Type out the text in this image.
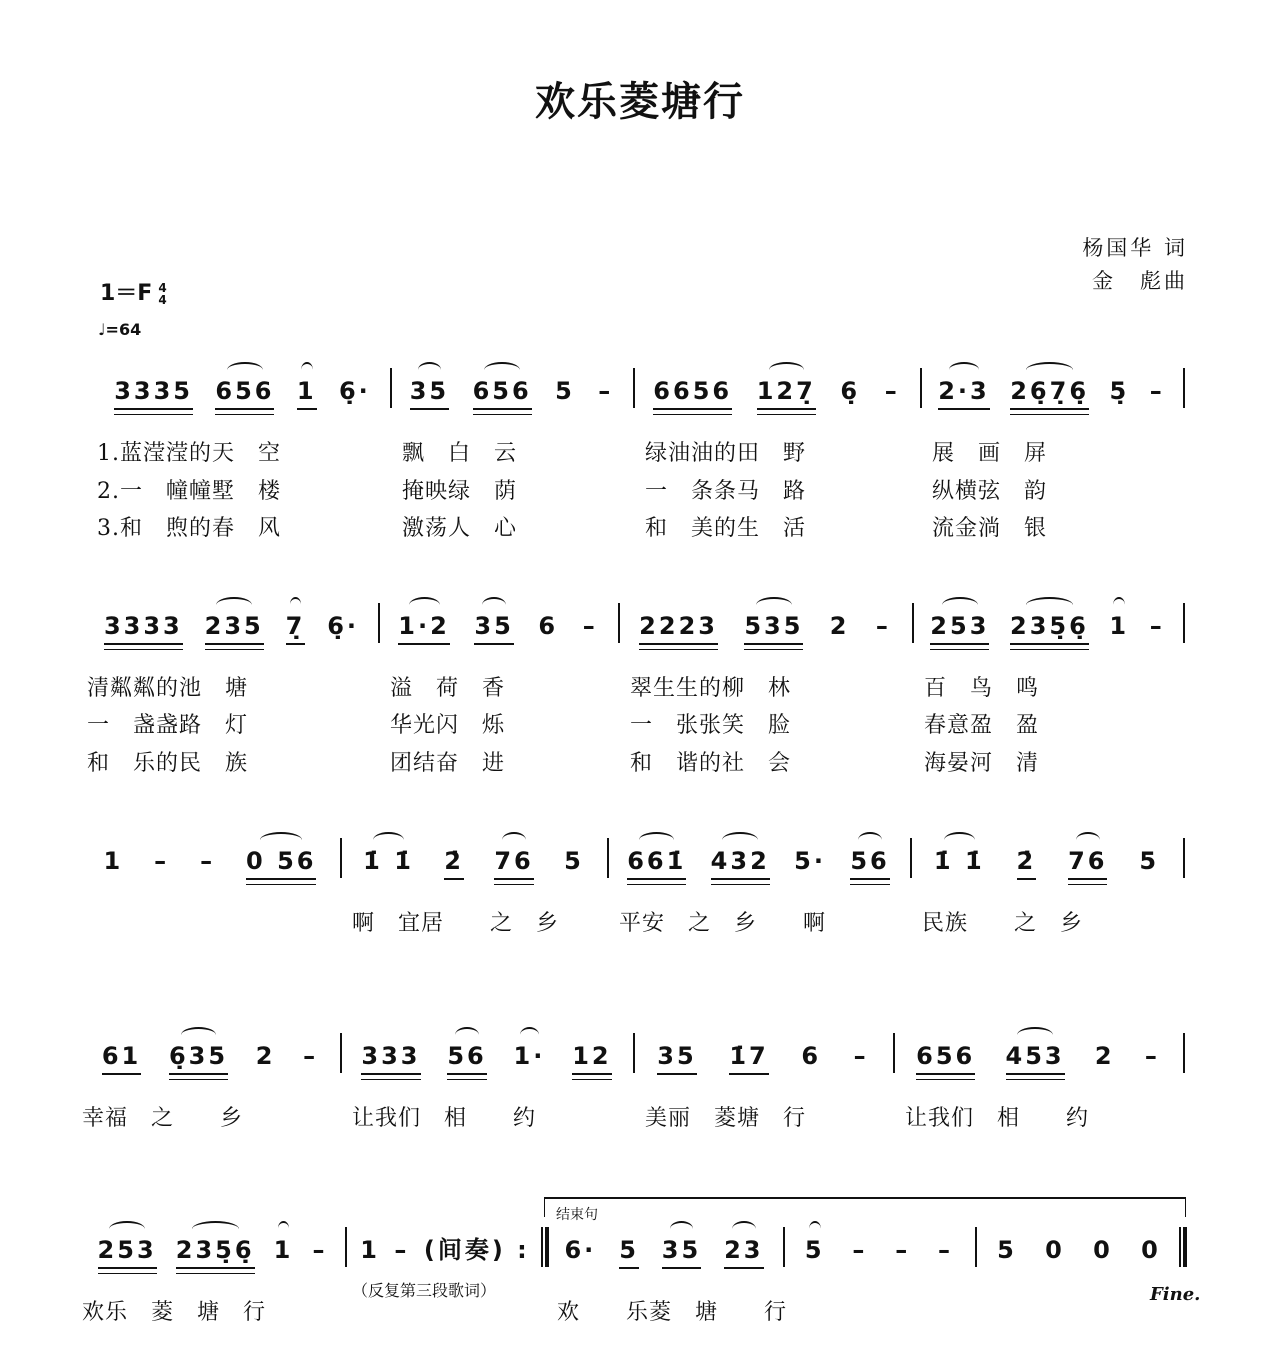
欢乐菱塘行
杨国华 词
金　彪曲
1＝F 4
4
♩=64
3335 656 1 6̣·
1.蓝滢滢的天　空
2.一　幢幢墅　楼
3.和　煦的春　风
35 656 5 –
飘　白　云
掩映绿　荫
激荡人　心
6656 127̣ 6̣ –
绿油油的田　野
一　条条马　路
和　美的生　活
2·3 26̣7̣6̣ 5̣ –
展　画　屏
纵横弦　韵
流金淌　银
3333 235 7̣ 6̣·
清粼粼的池　塘
一　盏盏路　灯
和　乐的民　族
1·2 35 6 –
溢　荷　香
华光闪　烁
团结奋　进
2223 535 2 –
翠生生的柳　林
一　张张笑　脸
和　谐的社　会
253 235̣6̣ 1 –
百　鸟　鸣
春意盈　盈
海晏河　清
1 – – 0 56 1̇ 1̇ 2̇ 76 5
啊　宜居　　之　乡
661̇ 432 5· 56
平安　之　乡　　啊
1̇ 1̇ 2̇ 76 5
民族　　之　乡
61 6̣35 2 –
幸福　之　　乡
333 56 1· 12
让我们　相　　约
35 1̇7 6 –
美丽　菱塘　行
656 453 2 –
让我们　相　　约
253 235̣6̣ 1 –
欢乐　菱　塘　行
1 – (间奏) : 6· 5 35 23
欢　　乐菱　塘　　行
5 – – – 5 0 0 0
结束句
（反复第三段歌词）	Fine.
